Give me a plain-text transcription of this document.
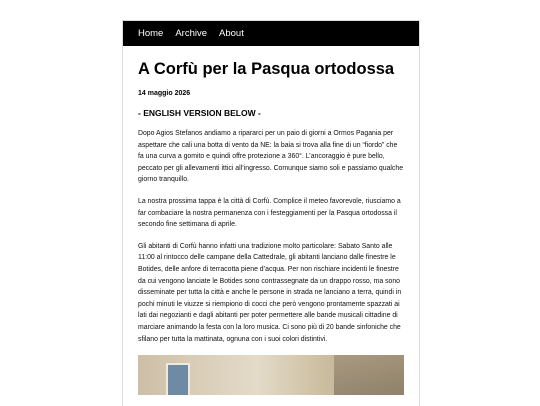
Home Archive About
A Corfù per la Pasqua ortodossa
14 maggio 2026
- ENGLISH VERSION BELOW -

Dopo Agios Stefanos andiamo a ripararci per un paio di giorni a Ormos Pagania per aspettare che cali una botta di vento da NE: la baia si trova alla fine di un “fiordo” che fa una curva a gomito e quindi offre protezione a 360°. L’ancoraggio è pure bello, peccato per gli allevamenti ittici all’ingresso. Comunque siamo soli e passiamo qualche giorno tranquillo.

La nostra prossima tappa è la città di Corfù. Complice il meteo favorevole, riusciamo a far combaciare la nostra permanenza con i festeggiamenti per la Pasqua ortodossa il secondo fine settimana di aprile.

Gli abitanti di Corfù hanno infatti una tradizione molto particolare: Sabato Santo alle 11:00 al rintocco delle campane della Cattedrale, gli abitanti lanciano dalle finestre le Botides, delle anfore di terracotta piene d’acqua. Per non rischiare incidenti le finestre da cui vengono lanciate le Botides sono contrassegnate da un drappo rosso, ma sono disseminate per tutta la città e anche le persone in strada ne lanciano a terra, quindi in pochi minuti le viuzze si riempiono di cocci che però vengono prontamente spazzati ai lati dai negozianti e dagli abitanti per poter permettere alle bande musicali cittadine di marciare animando la festa con la loro musica. Ci sono più di 20 bande sinfoniche che sfilano per tutta la mattinata, ognuna con i suoi colori distintivi.
